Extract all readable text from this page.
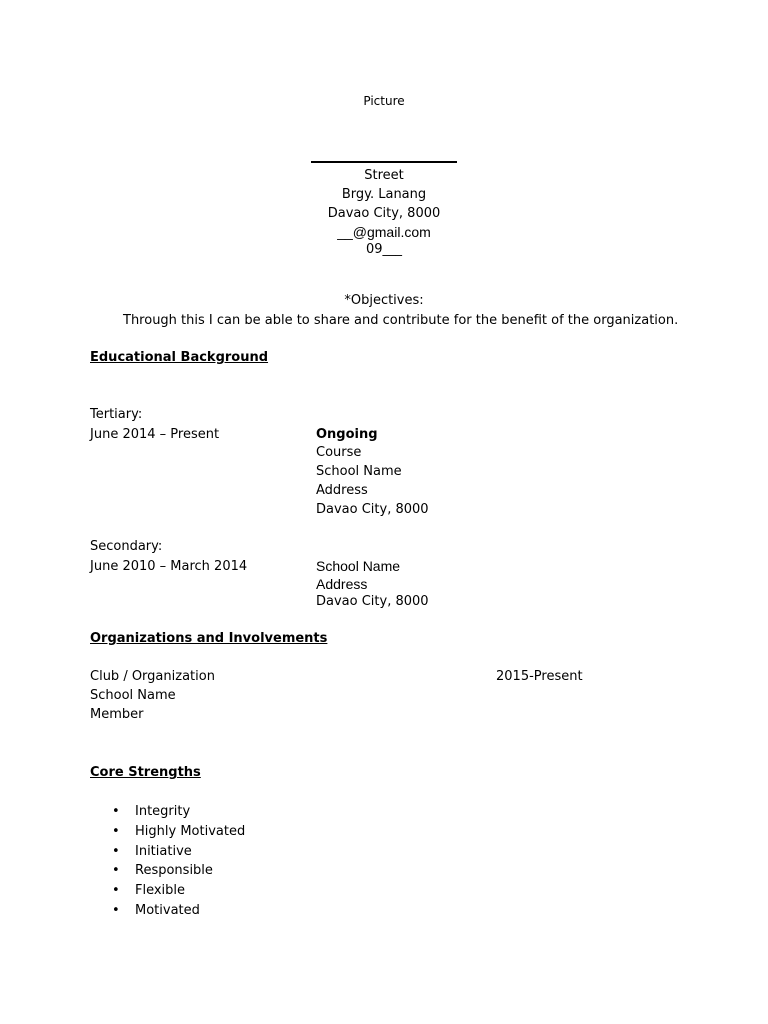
Picture
Street
Brgy. Lanang
Davao City, 8000
__@gmail.com
09___
*Objectives:
Through this I can be able to share and contribute for the benefit of the organization.
Educational Background
Tertiary:
June 2014 – Present	Ongoing
Course
School Name
Address
Davao City, 8000
Secondary:
June 2010 – March 2014	School Name
Address
Davao City, 8000
Organizations and Involvements
Club / Organization	2015-Present
School Name
Member
Core Strengths
• Integrity
• Highly Motivated
• Initiative
• Responsible
• Flexible
• Motivated
